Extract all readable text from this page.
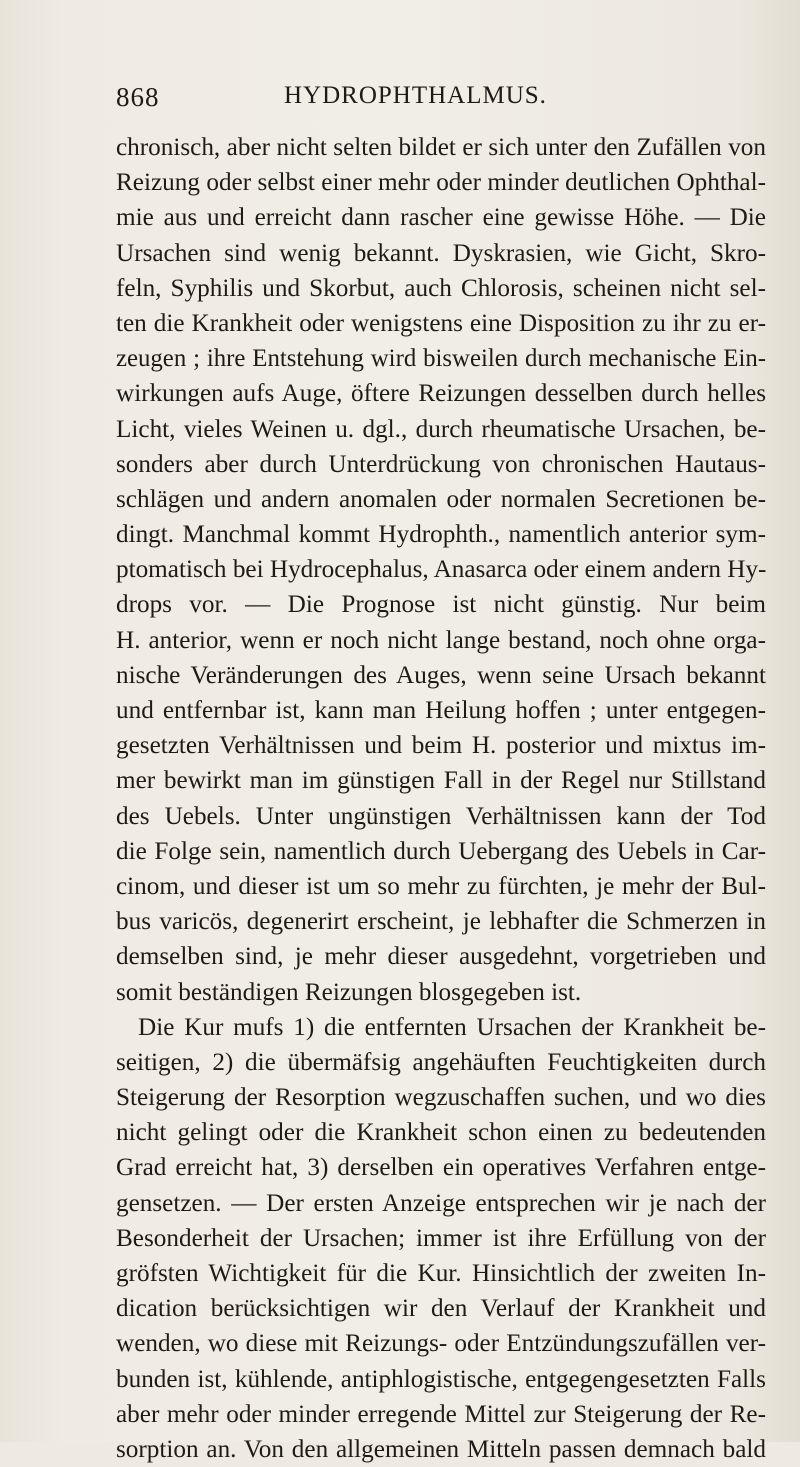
868	HYDROPHTHALMUS.
chronisch, aber nicht selten bildet er sich unter den Zufällen von
Reizung oder selbst einer mehr oder minder deutlichen Ophthal-
mie aus und erreicht dann rascher eine gewisse Höhe. — Die
Ursachen sind wenig bekannt. Dyskrasien, wie Gicht, Skro-
feln, Syphilis und Skorbut, auch Chlorosis, scheinen nicht sel-
ten die Krankheit oder wenigstens eine Disposition zu ihr zu er-
zeugen ; ihre Entstehung wird bisweilen durch mechanische Ein-
wirkungen aufs Auge, öftere Reizungen desselben durch helles
Licht, vieles Weinen u. dgl., durch rheumatische Ursachen, be-
sonders aber durch Unterdrückung von chronischen Hautaus-
schlägen und andern anomalen oder normalen Secretionen be-
dingt. Manchmal kommt Hydrophth., namentlich anterior sym-
ptomatisch bei Hydrocephalus, Anasarca oder einem andern Hy-
drops vor. — Die Prognose ist nicht günstig. Nur beim
H. anterior, wenn er noch nicht lange bestand, noch ohne orga-
nische Veränderungen des Auges, wenn seine Ursach bekannt
und entfernbar ist, kann man Heilung hoffen ; unter entgegen-
gesetzten Verhältnissen und beim H. posterior und mixtus im-
mer bewirkt man im günstigen Fall in der Regel nur Stillstand
des Uebels. Unter ungünstigen Verhältnissen kann der Tod
die Folge sein, namentlich durch Uebergang des Uebels in Car-
cinom, und dieser ist um so mehr zu fürchten, je mehr der Bul-
bus varicös, degenerirt erscheint, je lebhafter die Schmerzen in
demselben sind, je mehr dieser ausgedehnt, vorgetrieben und
somit beständigen Reizungen blosgegeben ist.
Die Kur mufs 1) die entfernten Ursachen der Krankheit be-
seitigen, 2) die übermäfsig angehäuften Feuchtigkeiten durch
Steigerung der Resorption wegzuschaffen suchen, und wo dies
nicht gelingt oder die Krankheit schon einen zu bedeutenden
Grad erreicht hat, 3) derselben ein operatives Verfahren entge-
gensetzen. — Der ersten Anzeige entsprechen wir je nach der
Besonderheit der Ursachen; immer ist ihre Erfüllung von der
gröfsten Wichtigkeit für die Kur. Hinsichtlich der zweiten In-
dication berücksichtigen wir den Verlauf der Krankheit und
wenden, wo diese mit Reizungs- oder Entzündungszufällen ver-
bunden ist, kühlende, antiphlogistische, entgegengesetzten Falls
aber mehr oder minder erregende Mittel zur Steigerung der Re-
sorption an. Von den allgemeinen Mitteln passen demnach bald
